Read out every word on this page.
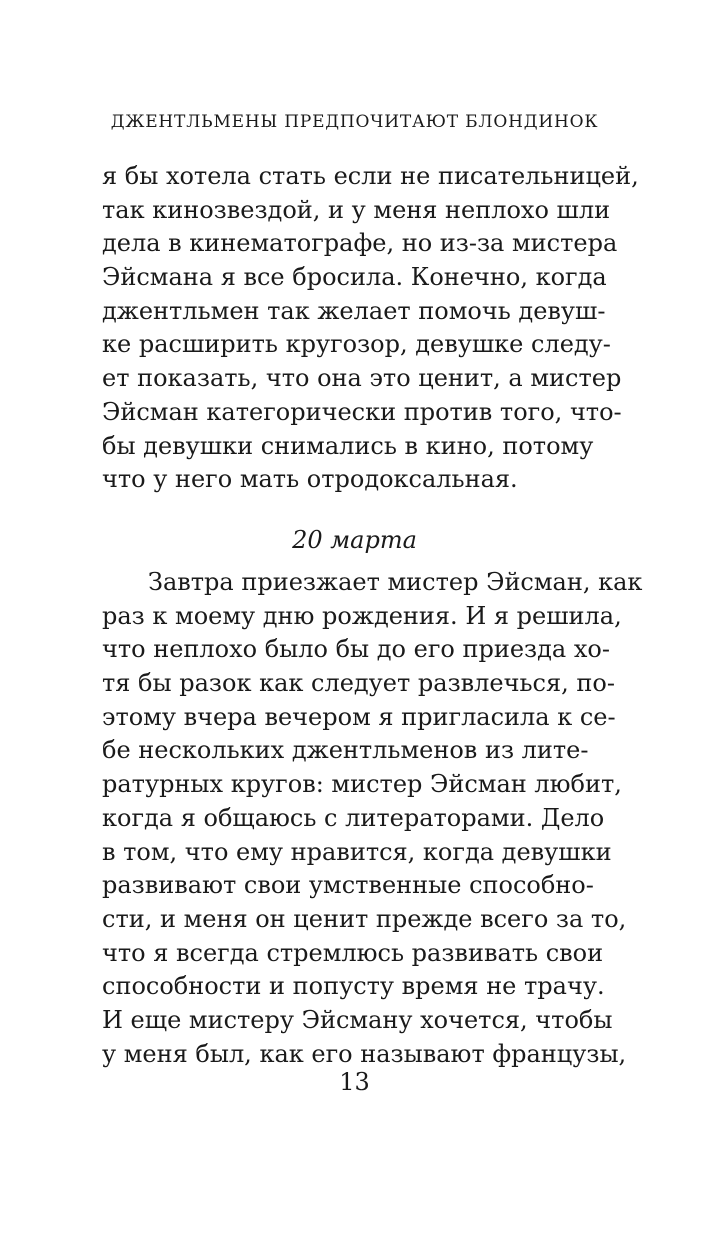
ДЖЕНТЛЬМЕНЫ ПРЕДПОЧИТАЮТ БЛОНДИНОК
я бы хотела стать если не писательницей,
так кинозвездой, и у меня неплохо шли
дела в кинематографе, но из-за мистера
Эйсмана я все бросила. Конечно, когда
джентльмен так желает помочь девуш-
ке расширить кругозор, девушке следу-
ет показать, что она это ценит, а мистер
Эйсман категорически против того, что-
бы девушки снимались в кино, потому
что у него мать отродоксальная.
20 марта
Завтра приезжает мистер Эйсман, как
раз к моему дню рождения. И я решила,
что неплохо было бы до его приезда хо-
тя бы разок как следует развлечься, по-
этому вчера вечером я пригласила к се-
бе нескольких джентльменов из лите-
ратурных кругов: мистер Эйсман любит,
когда я общаюсь с литераторами. Дело
в том, что ему нравится, когда девушки
развивают свои умственные способно-
сти, и меня он ценит прежде всего за то,
что я всегда стремлюсь развивать свои
способности и попусту время не трачу.
И еще мистеру Эйсману хочется, чтобы
у меня был, как его называют французы,
13
